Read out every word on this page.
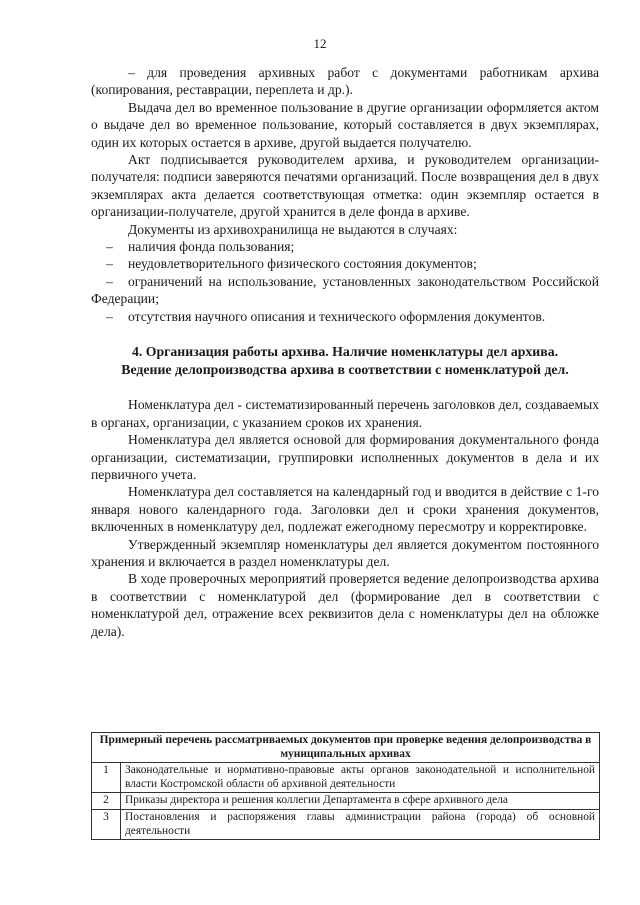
12

– для проведения архивных работ с документами работникам архива (копирования, реставрации, переплета и др.).

Выдача дел во временное пользование в другие организации оформляется актом о выдаче дел во временное пользование, который составляется в двух экземплярах, один их которых остается в архиве, другой выдается получателю.

Акт подписывается руководителем архива, и руководителем организации-получателя: подписи заверяются печатями организаций. После возвращения дел в двух экземплярах акта делается соответствующая отметка: один экземпляр остается в организации-получателе, другой хранится в деле фонда в архиве.

Документы из архивохранилища не выдаются в случаях:

–	наличия фонда пользования;
–	неудовлетворительного физического состояния документов;

– ограничений на использование, установленных законодательством Российской Федерации;

– отсутствия научного описания и технического оформления документов.

4. Организация работы архива. Наличие номенклатуры дел архива.
Ведение делопроизводства архива в соответствии с номенклатурой дел.

Номенклатура дел - систематизированный перечень заголовков дел, создаваемых в органах, организации, с указанием сроков их хранения.

Номенклатура дел является основой для формирования документального фонда организации, систематизации, группировки исполненных документов в дела и их первичного учета.

Номенклатура дел составляется на календарный год и вводится в действие с 1-го января нового календарного года. Заголовки дел и сроки хранения документов, включенных в номенклатуру дел, подлежат ежегодному пересмотру и корректировке.

Утвержденный экземпляр номенклатуры дел является документом постоянного хранения и включается в раздел номенклатуры дел.

В ходе проверочных мероприятий проверяется ведение делопроизводства архива в соответствии с номенклатурой дел (формирование дел в соответствии с номенклатурой дел, отражение всех реквизитов дела с номенклатуры дел на обложке дела).

Примерный перечень рассматриваемых документов при проверке ведения делопроизводства в муниципальных архивах	
1	Законодательные и нормативно-правовые акты органов законодательной и исполнительной власти Костромской области об архивной деятельности
2	Приказы директора и решения коллегии Департамента в сфере архивного дела
3	Постановления и распоряжения главы администрации района (города) об основной деятельности
